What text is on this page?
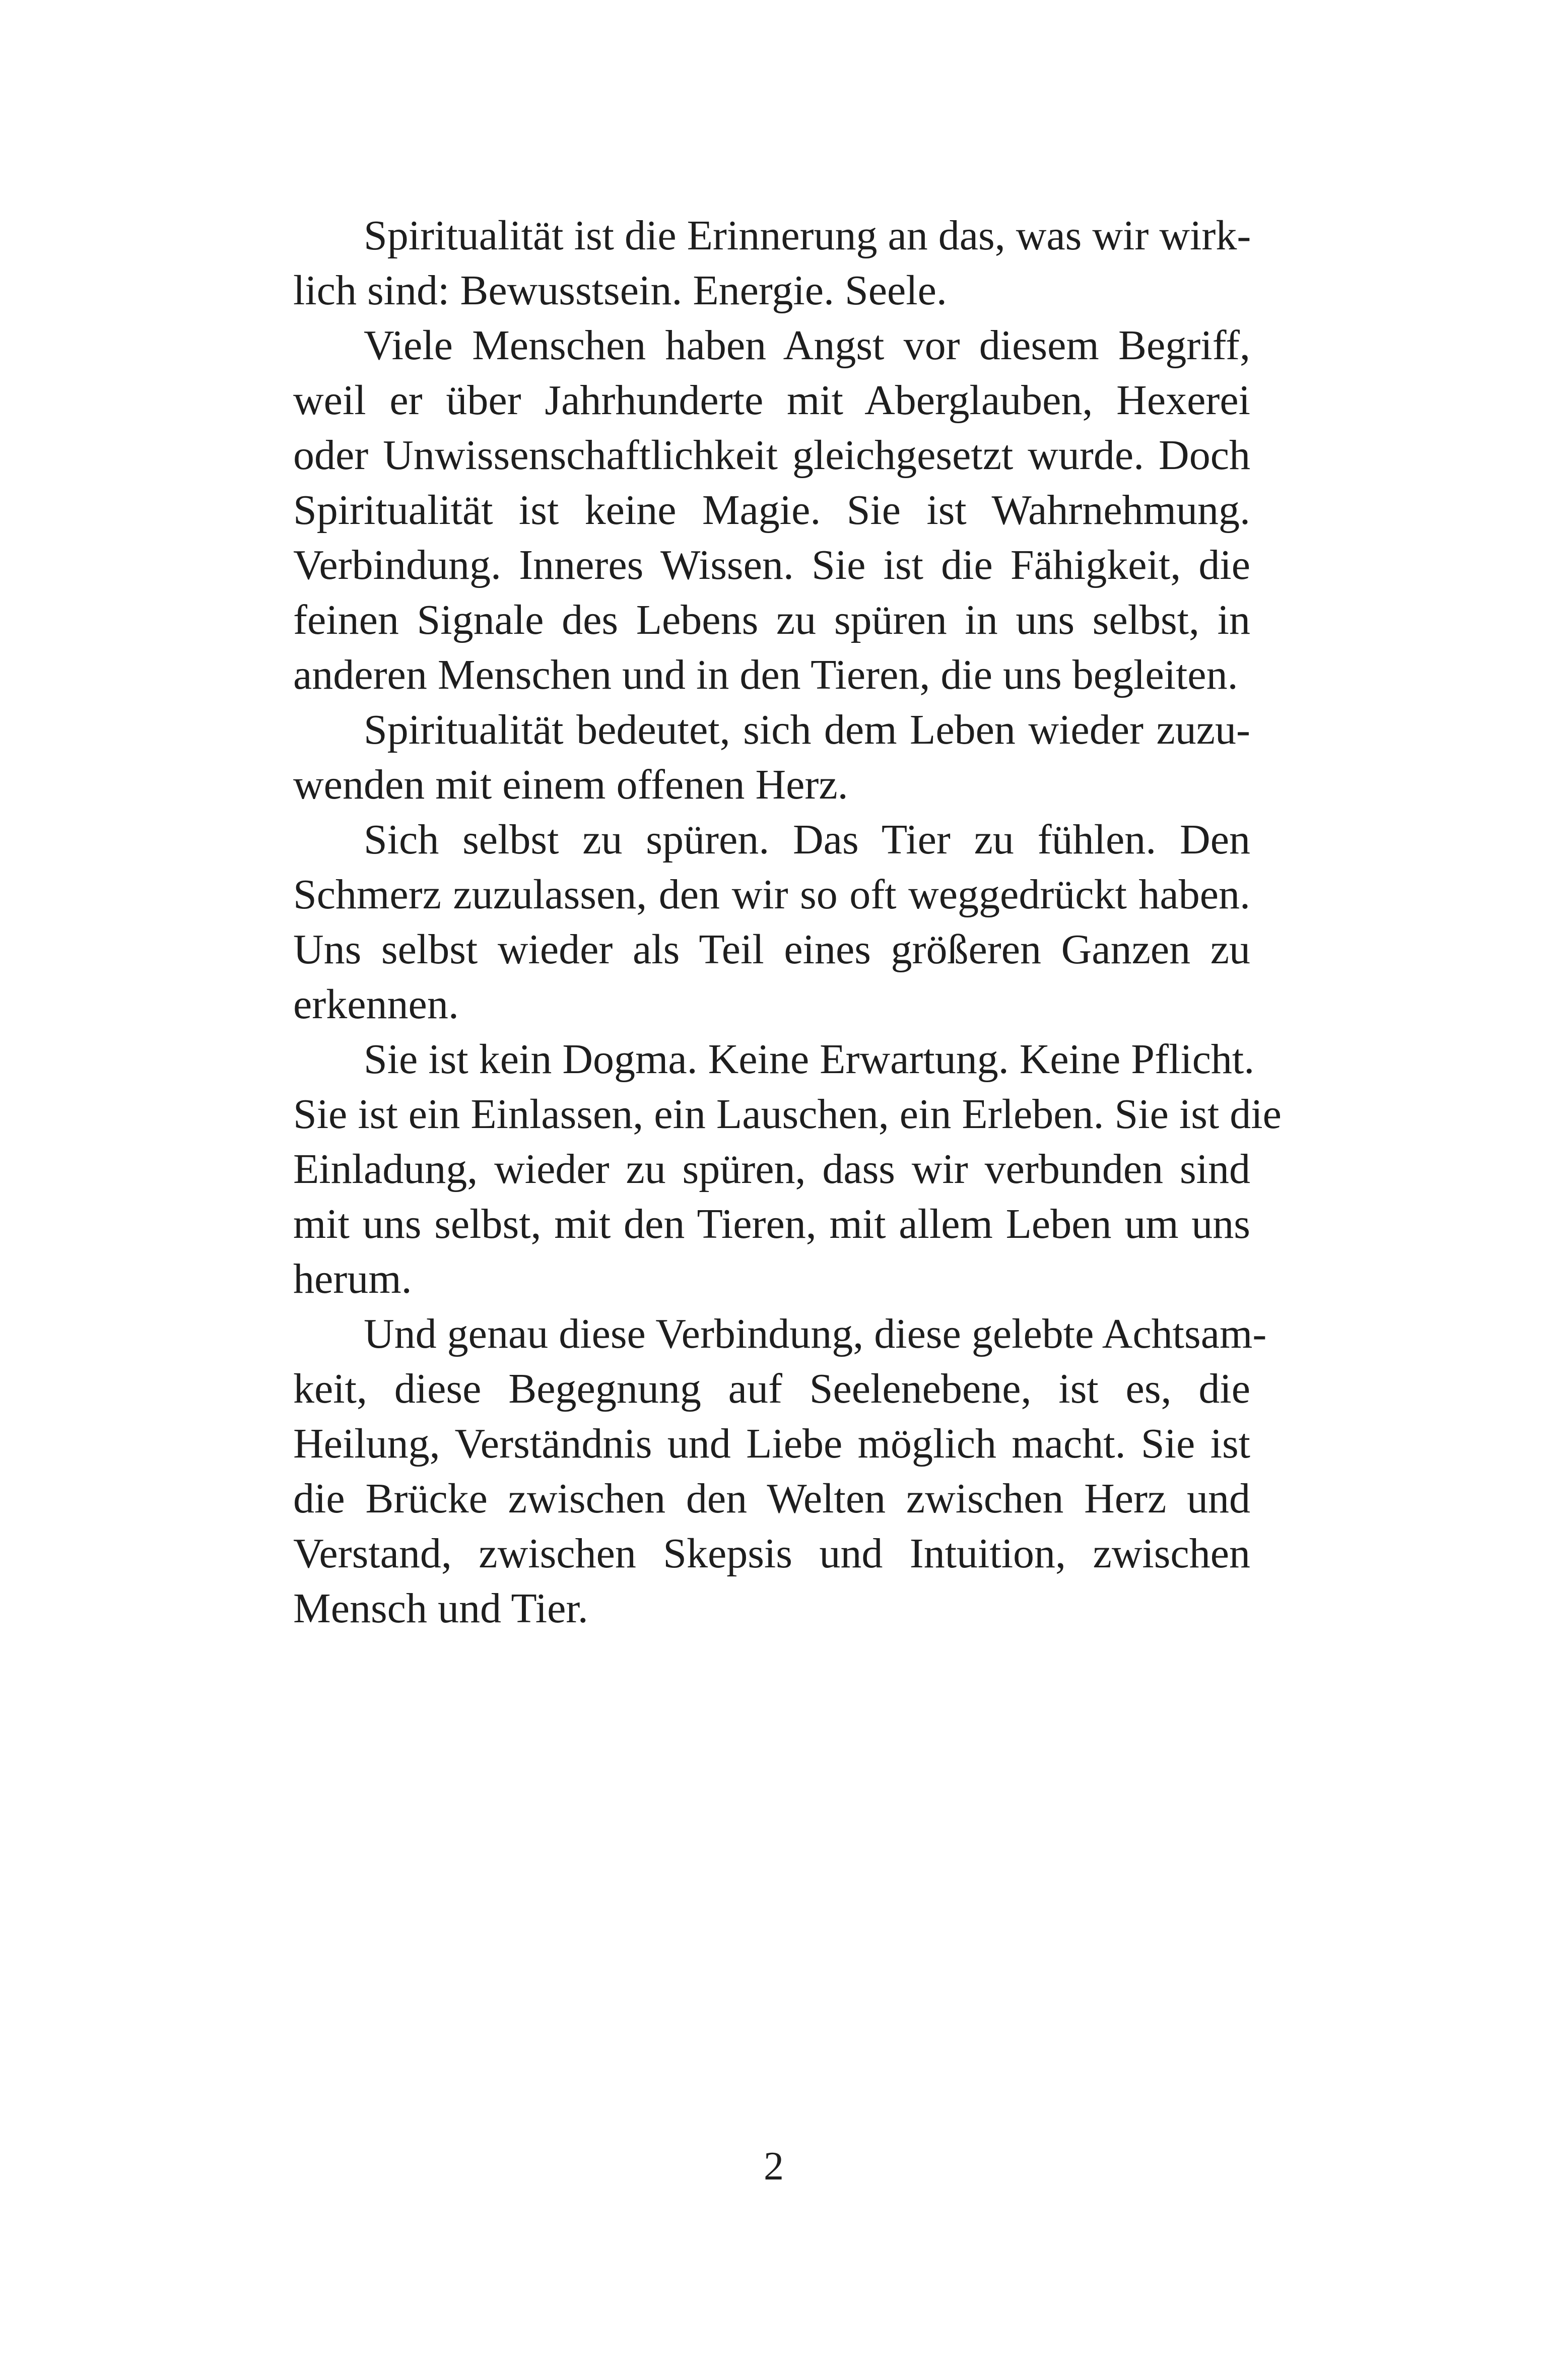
Spiritualität ist die Erinnerung an das, was wir wirk-
lich sind: Bewusstsein. Energie. Seele.
Viele Menschen haben Angst vor diesem Begriff,
weil er über Jahrhunderte mit Aberglauben, Hexerei
oder Unwissenschaftlichkeit gleichgesetzt wurde. Doch
Spiritualität ist keine Magie. Sie ist Wahrnehmung.
Verbindung. Inneres Wissen. Sie ist die Fähigkeit, die
feinen Signale des Lebens zu spüren in uns selbst, in
anderen Menschen und in den Tieren, die uns begleiten.
Spiritualität bedeutet, sich dem Leben wieder zuzu-
wenden mit einem offenen Herz.
Sich selbst zu spüren. Das Tier zu fühlen. Den
Schmerz zuzulassen, den wir so oft weggedrückt haben.
Uns selbst wieder als Teil eines größeren Ganzen zu
erkennen.
Sie ist kein Dogma. Keine Erwartung. Keine Pflicht.
Sie ist ein Einlassen, ein Lauschen, ein Erleben. Sie ist die
Einladung, wieder zu spüren, dass wir verbunden sind
mit uns selbst, mit den Tieren, mit allem Leben um uns
herum.
Und genau diese Verbindung, diese gelebte Achtsam-
keit, diese Begegnung auf Seelenebene, ist es, die
Heilung, Verständnis und Liebe möglich macht. Sie ist
die Brücke zwischen den Welten zwischen Herz und
Verstand, zwischen Skepsis und Intuition, zwischen
Mensch und Tier.
2
